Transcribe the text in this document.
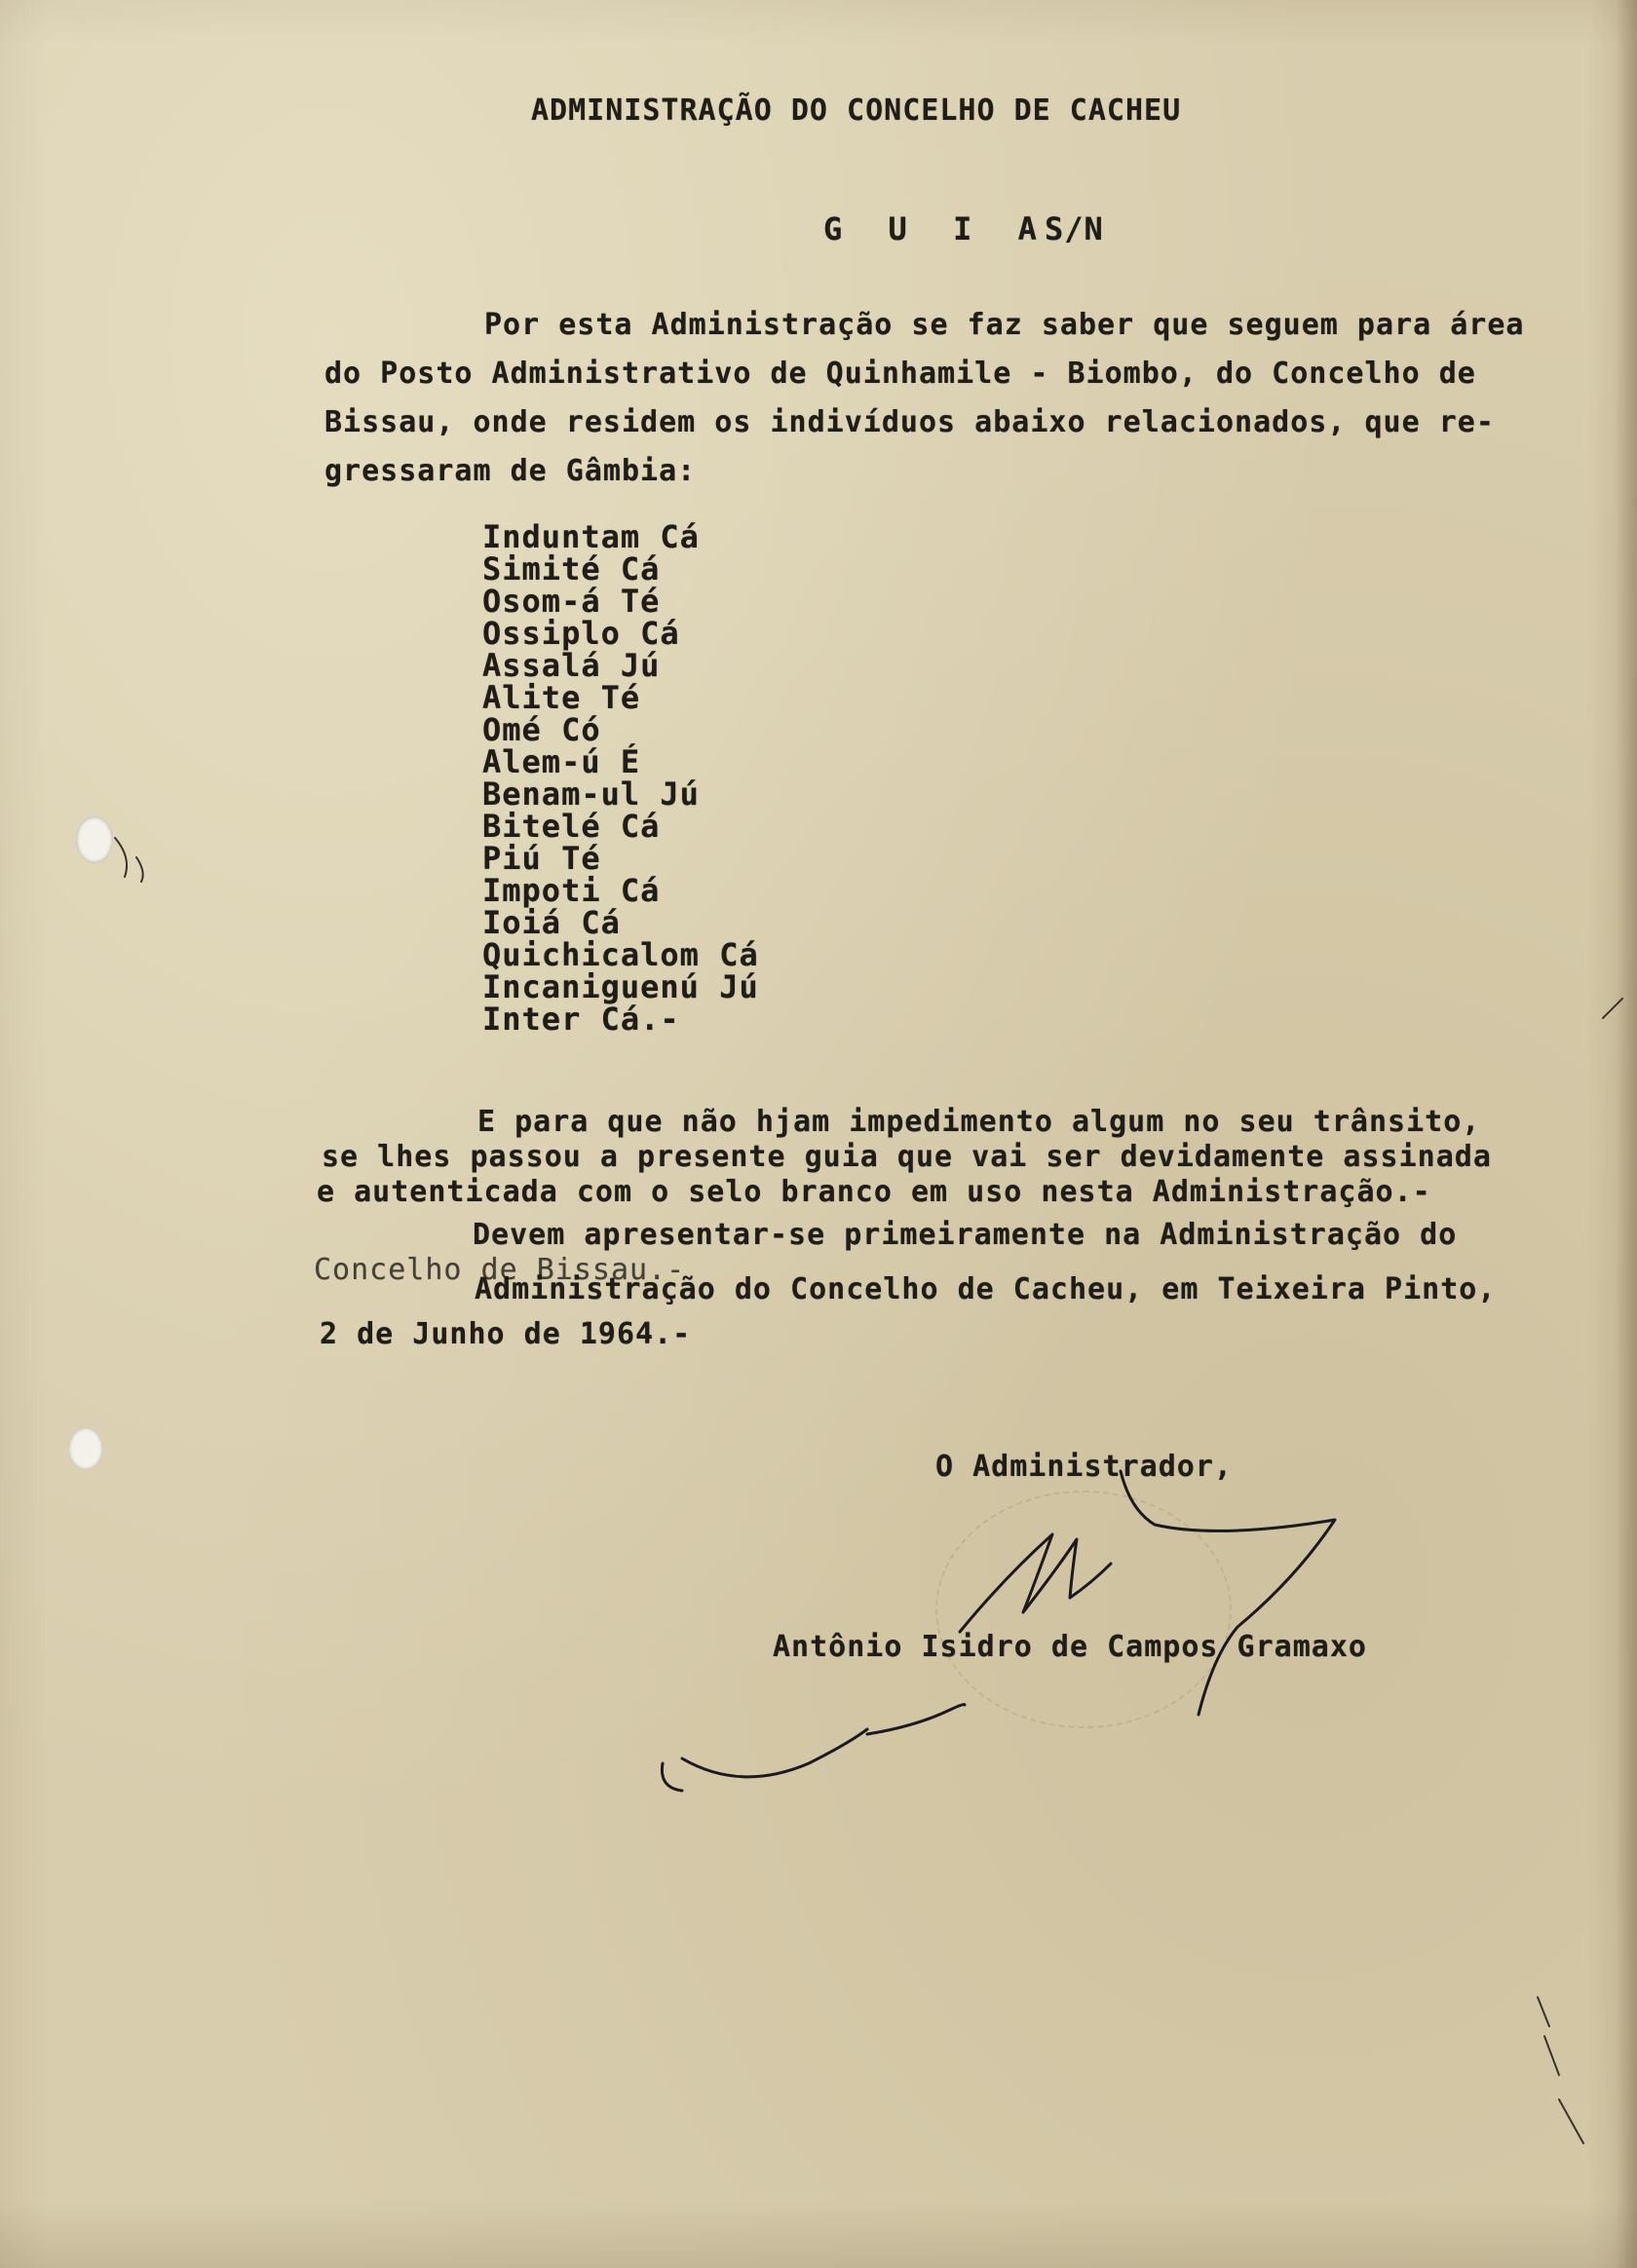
ADMINISTRAÇÃO DO CONCELHO DE CACHEU
G U I A
S/N
Por esta Administração se faz saber que seguem para área
do Posto Administrativo de Quinhamile - Biombo, do Concelho de
Bissau, onde residem os indivíduos abaixo relacionados, que re-
gressaram de Gâmbia:
Induntam Cá
Simité Cá
Osom-á Té
Ossiplo Cá
Assalá Jú
Alite Té
Omé Có
Alem-ú É
Benam-ul Jú
Bitelé Cá
Piú Té
Impoti Cá
Ioiá Cá
Quichicalom Cá
Incaniguenú Jú
Inter Cá.-
E para que não hjam impedimento algum no seu trânsito,
se lhes passou a presente guia que vai ser devidamente assinada
e autenticada com o selo branco em uso nesta Administração.-
Devem apresentar-se primeiramente na Administração do
Concelho de Bissau.-
Administração do Concelho de Cacheu, em Teixeira Pinto,
2 de Junho de 1964.-
O Administrador,
Antônio Isidro de Campos Gramaxo
